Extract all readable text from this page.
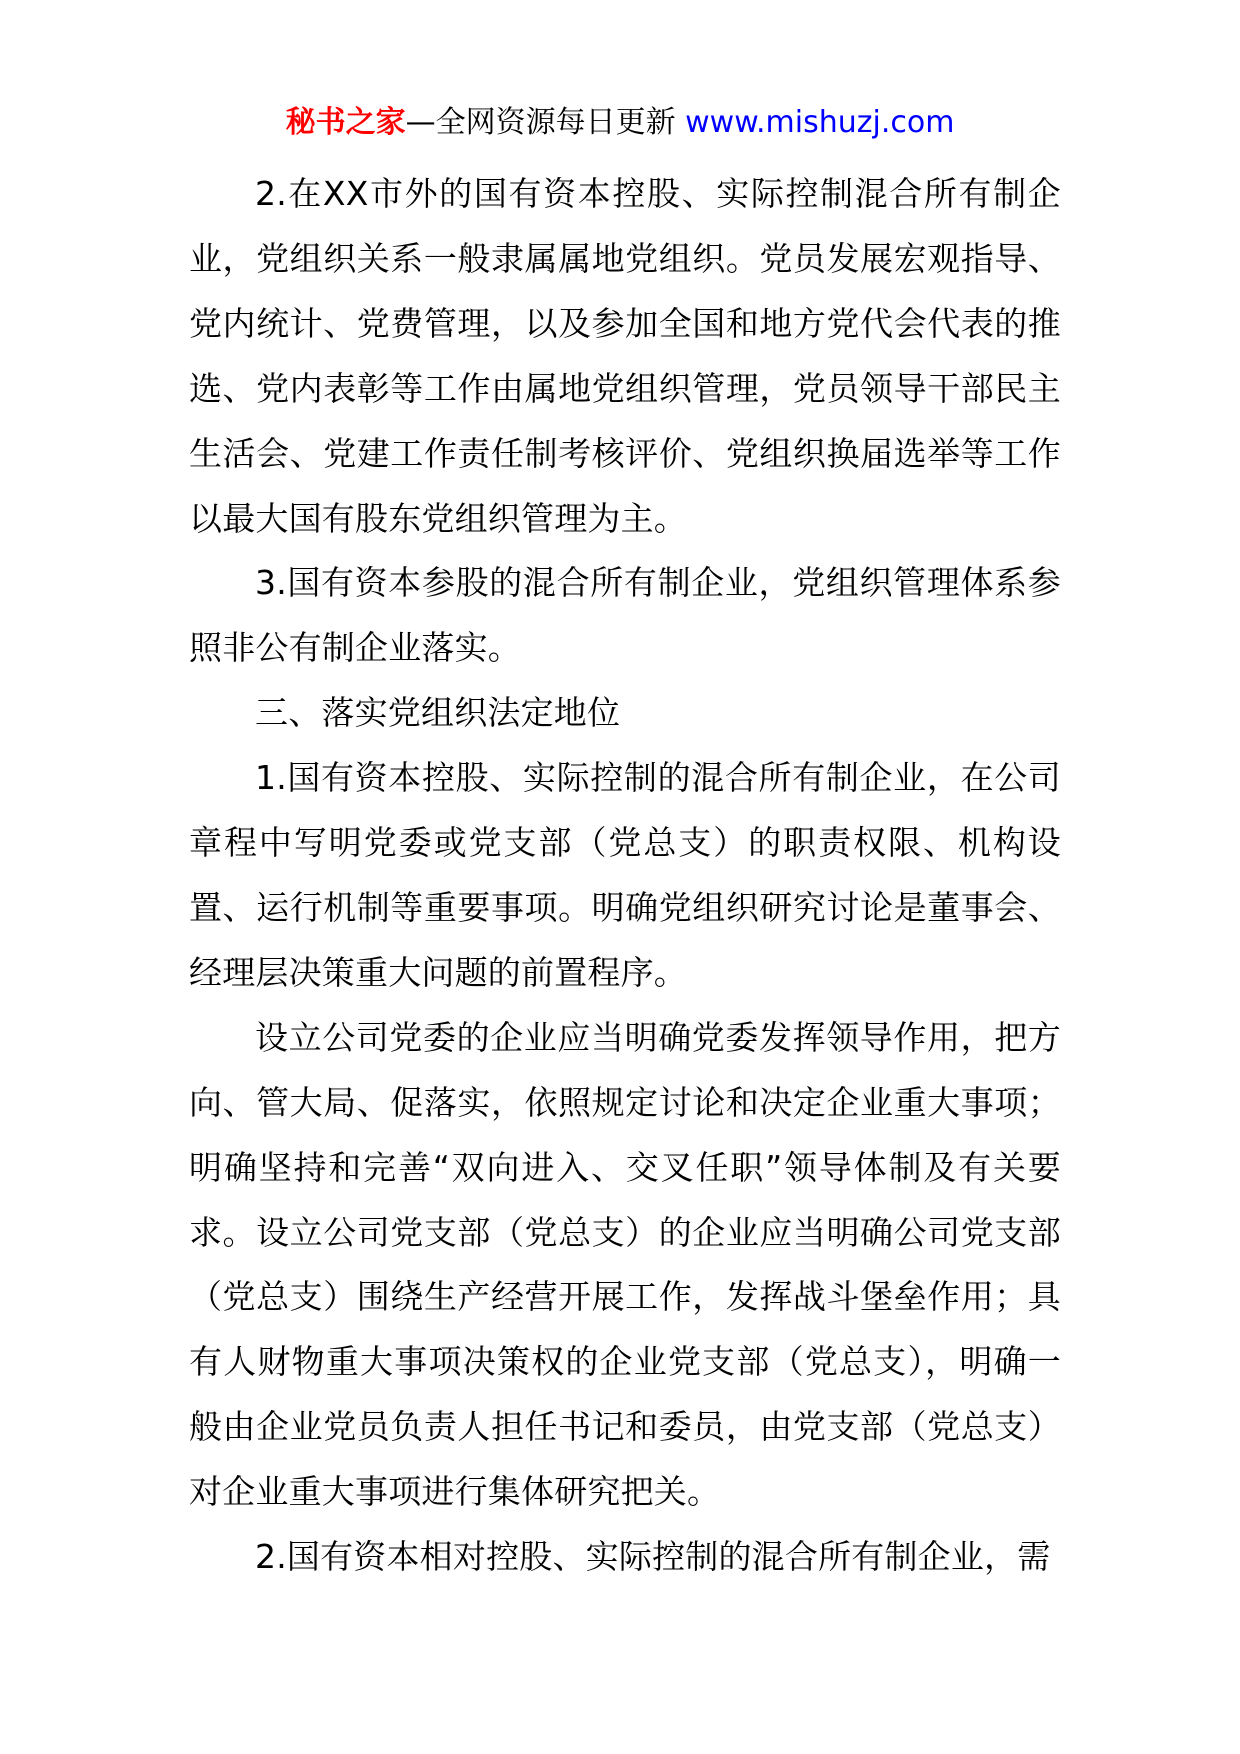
秘书之家—全网资源每日更新 www.mishuzj.com

2.在XX市外的国有资本控股、实际控制混合所有制企业，党组织关系一般隶属属地党组织。党员发展宏观指导、党内统计、党费管理，以及参加全国和地方党代会代表的推选、党内表彰等工作由属地党组织管理，党员领导干部民主生活会、党建工作责任制考核评价、党组织换届选举等工作以最大国有股东党组织管理为主。

3.国有资本参股的混合所有制企业，党组织管理体系参照非公有制企业落实。

三、落实党组织法定地位

1.国有资本控股、实际控制的混合所有制企业，在公司章程中写明党委或党支部（党总支）的职责权限、机构设置、运行机制等重要事项。明确党组织研究讨论是董事会、经理层决策重大问题的前置程序。

设立公司党委的企业应当明确党委发挥领导作用，把方向、管大局、促落实，依照规定讨论和决定企业重大事项；明确坚持和完善“双向进入、交叉任职”领导体制及有关要求。设立公司党支部（党总支）的企业应当明确公司党支部（党总支）围绕生产经营开展工作，发挥战斗堡垒作用；具有人财物重大事项决策权的企业党支部（党总支），明确一般由企业党员负责人担任书记和委员，由党支部（党总支）对企业重大事项进行集体研究把关。

2.国有资本相对控股、实际控制的混合所有制企业，需
